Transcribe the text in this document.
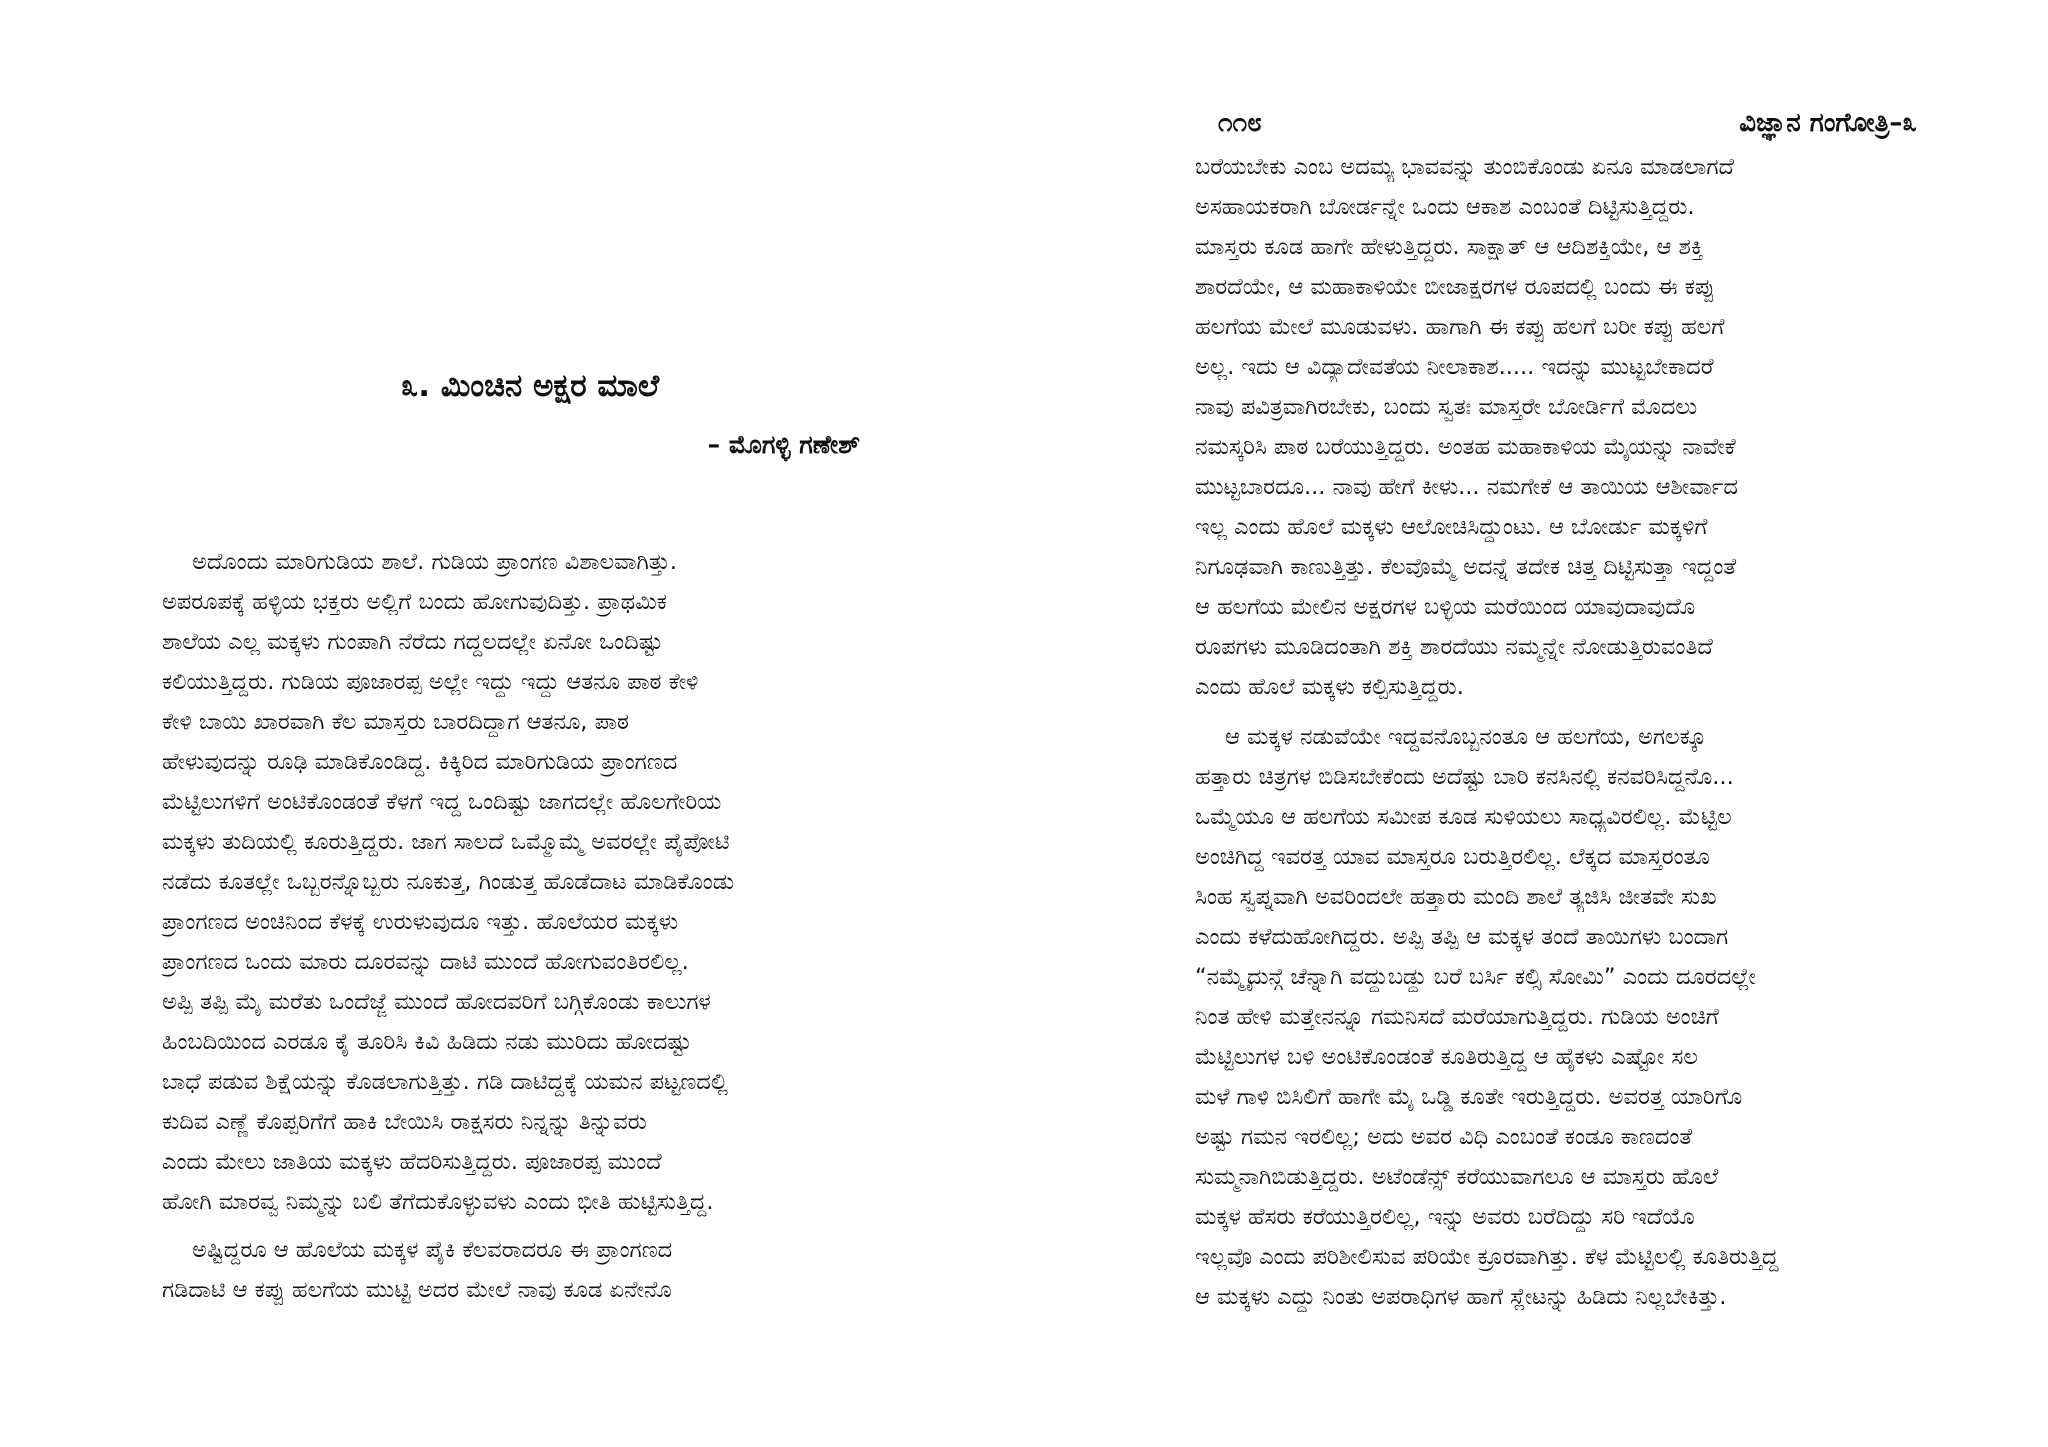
೩. ಮಿಂಚಿನ ಅಕ್ಷರ ಮಾಲೆ

– ಮೊಗಳ್ಳಿ ಗಣೇಶ್

ಅದೊಂದು ಮಾರಿಗುಡಿಯ ಶಾಲೆ. ಗುಡಿಯ ಪ್ರಾಂಗಣ ವಿಶಾಲವಾಗಿತ್ತು.

ಅಪರೂಪಕ್ಕೆ ಹಳ್ಳಿಯ ಭಕ್ತರು ಅಲ್ಲಿಗೆ ಬಂದು ಹೋಗುವುದಿತ್ತು. ಪ್ರಾಥಮಿಕ

ಶಾಲೆಯ ಎಲ್ಲ ಮಕ್ಕಳು ಗುಂಪಾಗಿ ನೆರೆದು ಗದ್ದಲದಲ್ಲೇ ಏನೋ ಒಂದಿಷ್ಟು

ಕಲಿಯುತ್ತಿದ್ದರು. ಗುಡಿಯ ಪೂಜಾರಪ್ಪ ಅಲ್ಲೇ ಇದ್ದು ಇದ್ದು ಆತನೂ ಪಾಠ ಕೇಳಿ

ಕೇಳಿ ಬಾಯಿ ಖಾರವಾಗಿ ಕೆಲ ಮಾಸ್ತರು ಬಾರದಿದ್ದಾಗ ಆತನೂ, ಪಾಠ

ಹೇಳುವುದನ್ನು ರೂಢಿ ಮಾಡಿಕೊಂಡಿದ್ದ. ಕಿಕ್ಕಿರಿದ ಮಾರಿಗುಡಿಯ ಪ್ರಾಂಗಣದ

ಮೆಟ್ಟಿಲುಗಳಿಗೆ ಅಂಟಿಕೊಂಡಂತೆ ಕೆಳಗೆ ಇದ್ದ ಒಂದಿಷ್ಟು ಜಾಗದಲ್ಲೇ ಹೊಲಗೇರಿಯ

ಮಕ್ಕಳು ತುದಿಯಲ್ಲಿ ಕೂರುತ್ತಿದ್ದರು. ಜಾಗ ಸಾಲದೆ ಒಮ್ಮೊಮ್ಮೆ ಅವರಲ್ಲೇ ಪೈಪೋಟಿ

ನಡೆದು ಕೂತಲ್ಲೇ ಒಬ್ಬರನ್ನೊಬ್ಬರು ನೂಕುತ್ತ, ಗಿಂಡುತ್ತ ಹೊಡೆದಾಟ ಮಾಡಿಕೊಂಡು

ಪ್ರಾಂಗಣದ ಅಂಚಿನಿಂದ ಕೆಳಕ್ಕೆ ಉರುಳುವುದೂ ಇತ್ತು. ಹೊಲೆಯರ ಮಕ್ಕಳು

ಪ್ರಾಂಗಣದ ಒಂದು ಮಾರು ದೂರವನ್ನು ದಾಟಿ ಮುಂದೆ ಹೋಗುವಂತಿರಲಿಲ್ಲ.

ಅಪ್ಪಿ ತಪ್ಪಿ ಮೈ ಮರೆತು ಒಂದೆಜ್ಜೆ ಮುಂದೆ ಹೋದವರಿಗೆ ಬಗ್ಗಿಕೊಂಡು ಕಾಲುಗಳ

ಹಿಂಬದಿಯಿಂದ ಎರಡೂ ಕೈ ತೂರಿಸಿ ಕಿವಿ ಹಿಡಿದು ನಡು ಮುರಿದು ಹೋದಷ್ಟು

ಬಾಧೆ ಪಡುವ ಶಿಕ್ಷೆಯನ್ನು ಕೊಡಲಾಗುತ್ತಿತ್ತು. ಗಡಿ ದಾಟಿದ್ದಕ್ಕೆ ಯಮನ ಪಟ್ಟಣದಲ್ಲಿ

ಕುದಿವ ಎಣ್ಣೆ ಕೊಪ್ಪರಿಗೆಗೆ ಹಾಕಿ ಬೇಯಿಸಿ ರಾಕ್ಷಸರು ನಿನ್ನನ್ನು ತಿನ್ನುವರು

ಎಂದು ಮೇಲು ಜಾತಿಯ ಮಕ್ಕಳು ಹೆದರಿಸುತ್ತಿದ್ದರು. ಪೂಜಾರಪ್ಪ ಮುಂದೆ

ಹೋಗಿ ಮಾರವ್ವ ನಿಮ್ಮನ್ನು ಬಲಿ ತೆಗೆದುಕೊಳ್ಳುವಳು ಎಂದು ಭೀತಿ ಹುಟ್ಟಿಸುತ್ತಿದ್ದ.

ಅಷ್ಟಿದ್ದರೂ ಆ ಹೊಲೆಯ ಮಕ್ಕಳ ಪೈಕಿ ಕೆಲವರಾದರೂ ಈ ಪ್ರಾಂಗಣದ

ಗಡಿದಾಟಿ ಆ ಕಪ್ಪು ಹಲಗೆಯ ಮುಟ್ಟಿ ಅದರ ಮೇಲೆ ನಾವು ಕೂಡ ಏನೇನೊ

೧೧೮	ವಿಜ್ಞಾನ ಗಂಗೋತ್ರಿ–೩

ಬರೆಯಬೇಕು ಎಂಬ ಅದಮ್ಯ ಭಾವವನ್ನು ತುಂಬಿಕೊಂಡು ಏನೂ ಮಾಡಲಾಗದೆ

ಅಸಹಾಯಕರಾಗಿ ಬೋರ್ಡನ್ನೇ ಒಂದು ಆಕಾಶ ಎಂಬಂತೆ ದಿಟ್ಟಿಸುತ್ತಿದ್ದರು.

ಮಾಸ್ತರು ಕೂಡ ಹಾಗೇ ಹೇಳುತ್ತಿದ್ದರು. ಸಾಕ್ಷಾತ್ ಆ ಆದಿಶಕ್ತಿಯೇ, ಆ ಶಕ್ತಿ

ಶಾರದೆಯೇ, ಆ ಮಹಾಕಾಳಿಯೇ ಬೀಜಾಕ್ಷರಗಳ ರೂಪದಲ್ಲಿ ಬಂದು ಈ ಕಪ್ಪು

ಹಲಗೆಯ ಮೇಲೆ ಮೂಡುವಳು. ಹಾಗಾಗಿ ಈ ಕಪ್ಪು ಹಲಗೆ ಬರೀ ಕಪ್ಪು ಹಲಗೆ

ಅಲ್ಲ. ಇದು ಆ ವಿದ್ಯಾದೇವತೆಯ ನೀಲಾಕಾಶ..... ಇದನ್ನು ಮುಟ್ಟಬೇಕಾದರೆ

ನಾವು ಪವಿತ್ರವಾಗಿರಬೇಕು, ಬಂದು ಸ್ವತಃ ಮಾಸ್ತರೇ ಬೋರ್ಡಿಗೆ ಮೊದಲು

ನಮಸ್ಕರಿಸಿ ಪಾಠ ಬರೆಯುತ್ತಿದ್ದರು. ಅಂತಹ ಮಹಾಕಾಳಿಯ ಮೈಯನ್ನು ನಾವೇಕೆ

ಮುಟ್ಟಬಾರದೂ... ನಾವು ಹೇಗೆ ಕೀಳು... ನಮಗೇಕೆ ಆ ತಾಯಿಯ ಆಶೀರ್ವಾದ

ಇಲ್ಲ ಎಂದು ಹೊಲೆ ಮಕ್ಕಳು ಆಲೋಚಿಸಿದ್ದುಂಟು. ಆ ಬೋರ್ಡು ಮಕ್ಕಳಿಗೆ

ನಿಗೂಢವಾಗಿ ಕಾಣುತ್ತಿತ್ತು. ಕೆಲವೊಮ್ಮೆ ಅದನ್ನೆ ತದೇಕ ಚಿತ್ತ ದಿಟ್ಟಿಸುತ್ತಾ ಇದ್ದಂತೆ

ಆ ಹಲಗೆಯ ಮೇಲಿನ ಅಕ್ಷರಗಳ ಬಳ್ಳಿಯ ಮರೆಯಿಂದ ಯಾವುದಾವುದೊ

ರೂಪಗಳು ಮೂಡಿದಂತಾಗಿ ಶಕ್ತಿ ಶಾರದೆಯು ನಮ್ಮನ್ನೇ ನೋಡುತ್ತಿರುವಂತಿದೆ

ಎಂದು ಹೊಲೆ ಮಕ್ಕಳು ಕಲ್ಪಿಸುತ್ತಿದ್ದರು.

ಆ ಮಕ್ಕಳ ನಡುವೆಯೇ ಇದ್ದವನೊಬ್ಬನಂತೂ ಆ ಹಲಗೆಯ, ಅಗಲಕ್ಕೂ

ಹತ್ತಾರು ಚಿತ್ರಗಳ ಬಿಡಿಸಬೇಕೆಂದು ಅದೆಷ್ಟು ಬಾರಿ ಕನಸಿನಲ್ಲಿ ಕನವರಿಸಿದ್ದನೊ...

ಒಮ್ಮೆಯೂ ಆ ಹಲಗೆಯ ಸಮೀಪ ಕೂಡ ಸುಳಿಯಲು ಸಾಧ್ಯವಿರಲಿಲ್ಲ. ಮೆಟ್ಟಿಲ

ಅಂಚಿಗಿದ್ದ ಇವರತ್ತ ಯಾವ ಮಾಸ್ತರೂ ಬರುತ್ತಿರಲಿಲ್ಲ. ಲೆಕ್ಕದ ಮಾಸ್ತರಂತೂ

ಸಿಂಹ ಸ್ವಪ್ನವಾಗಿ ಅವರಿಂದಲೇ ಹತ್ತಾರು ಮಂದಿ ಶಾಲೆ ತ್ಯಜಿಸಿ ಜೀತವೇ ಸುಖ

ಎಂದು ಕಳೆದುಹೋಗಿದ್ದರು. ಅಪ್ಪಿ ತಪ್ಪಿ ಆ ಮಕ್ಕಳ ತಂದೆ ತಾಯಿಗಳು ಬಂದಾಗ

“ನಮ್ಮೈದುನ್ಗೆ ಚೆನ್ನಾಗಿ ವದ್ದುಬಡ್ದು ಬರೆ ಬರ್ಸಿ ಕಲ್ಸಿ ಸೋಮಿ” ಎಂದು ದೂರದಲ್ಲೇ

ನಿಂತ ಹೇಳಿ ಮತ್ತೇನನ್ನೂ ಗಮನಿಸದೆ ಮರೆಯಾಗುತ್ತಿದ್ದರು. ಗುಡಿಯ ಅಂಚಿಗೆ

ಮೆಟ್ಟಿಲುಗಳ ಬಳಿ ಅಂಟಿಕೊಂಡಂತೆ ಕೂತಿರುತ್ತಿದ್ದ ಆ ಹೈಕಳು ಎಷ್ಟೋ ಸಲ

ಮಳೆ ಗಾಳಿ ಬಿಸಿಲಿಗೆ ಹಾಗೇ ಮೈ ಒಡ್ಡಿ ಕೂತೇ ಇರುತ್ತಿದ್ದರು. ಅವರತ್ತ ಯಾರಿಗೊ

ಅಷ್ಟು ಗಮನ ಇರಲಿಲ್ಲ; ಅದು ಅವರ ವಿಧಿ ಎಂಬಂತೆ ಕಂಡೂ ಕಾಣದಂತೆ

ಸುಮ್ಮನಾಗಿಬಿಡುತ್ತಿದ್ದರು. ಅಟೆಂಡೆನ್ಸ್ ಕರೆಯುವಾಗಲೂ ಆ ಮಾಸ್ತರು ಹೊಲೆ

ಮಕ್ಕಳ ಹೆಸರು ಕರೆಯುತ್ತಿರಲಿಲ್ಲ, ಇನ್ನು ಅವರು ಬರೆದಿದ್ದು ಸರಿ ಇದೆಯೊ

ಇಲ್ಲವೊ ಎಂದು ಪರಿಶೀಲಿಸುವ ಪರಿಯೇ ಕ್ರೂರವಾಗಿತ್ತು. ಕೆಳ ಮೆಟ್ಟಿಲಲ್ಲಿ ಕೂತಿರುತ್ತಿದ್ದ

ಆ ಮಕ್ಕಳು ಎದ್ದು ನಿಂತು ಅಪರಾಧಿಗಳ ಹಾಗೆ ಸ್ಲೇಟನ್ನು ಹಿಡಿದು ನಿಲ್ಲಬೇಕಿತ್ತು.
